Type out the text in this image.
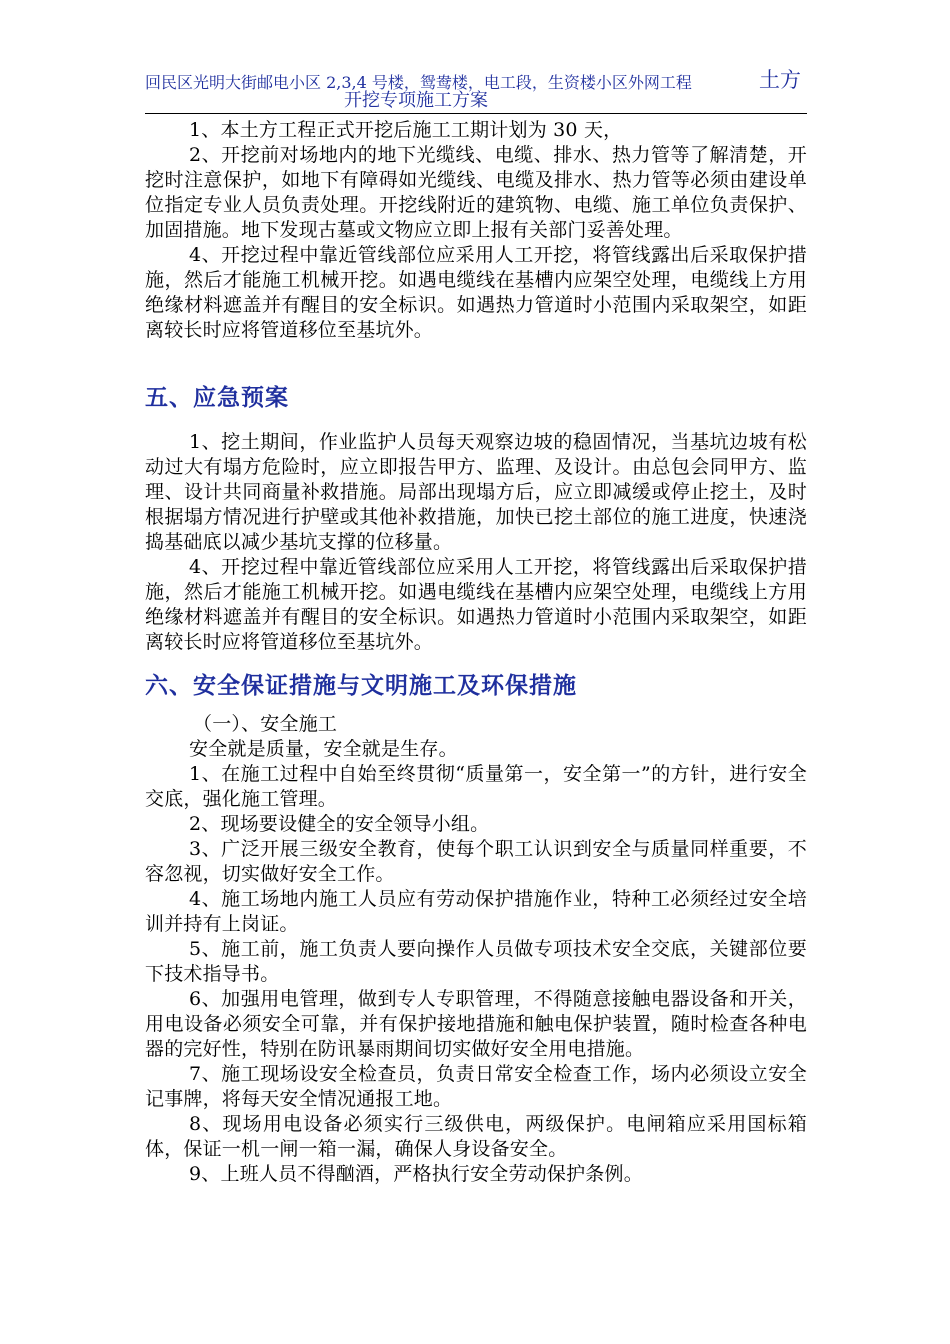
回民区光明大街邮电小区 2,3,4 号楼，鸳鸯楼，电工段，生资楼小区外网工程	土方
开挖专项施工方案

1、本土方工程正式开挖后施工工期计划为 30 天，

2、开挖前对场地内的地下光缆线、电缆、排水、热力管等了解清楚，开挖时注意保护，如地下有障碍如光缆线、电缆及排水、热力管等必须由建设单位指定专业人员负责处理。开挖线附近的建筑物、电缆、施工单位负责保护、加固措施。地下发现古墓或文物应立即上报有关部门妥善处理。

4、开挖过程中靠近管线部位应采用人工开挖，将管线露出后采取保护措施，然后才能施工机械开挖。如遇电缆线在基槽内应架空处理，电缆线上方用绝缘材料遮盖并有醒目的安全标识。如遇热力管道时小范围内采取架空，如距离较长时应将管道移位至基坑外。

五、应急预案

1、挖土期间，作业监护人员每天观察边坡的稳固情况，当基坑边坡有松动过大有塌方危险时，应立即报告甲方、监理、及设计。由总包会同甲方、监理、设计共同商量补救措施。局部出现塌方后，应立即减缓或停止挖土，及时根据塌方情况进行护壁或其他补救措施，加快已挖土部位的施工进度，快速浇捣基础底以减少基坑支撑的位移量。

4、开挖过程中靠近管线部位应采用人工开挖，将管线露出后采取保护措施，然后才能施工机械开挖。如遇电缆线在基槽内应架空处理，电缆线上方用绝缘材料遮盖并有醒目的安全标识。如遇热力管道时小范围内采取架空，如距离较长时应将管道移位至基坑外。

六、安全保证措施与文明施工及环保措施

（一）、安全施工

安全就是质量，安全就是生存。

1、在施工过程中自始至终贯彻“质量第一，安全第一”的方针，进行安全交底，强化施工管理。

2、现场要设健全的安全领导小组。

3、广泛开展三级安全教育，使每个职工认识到安全与质量同样重要，不容忽视，切实做好安全工作。

4、施工场地内施工人员应有劳动保护措施作业，特种工必须经过安全培训并持有上岗证。

5、施工前，施工负责人要向操作人员做专项技术安全交底，关键部位要下技术指导书。

6、加强用电管理，做到专人专职管理，不得随意接触电器设备和开关，用电设备必须安全可靠，并有保护接地措施和触电保护装置，随时检查各种电器的完好性，特别在防讯暴雨期间切实做好安全用电措施。

7、施工现场设安全检查员，负责日常安全检查工作，场内必须设立安全记事牌，将每天安全情况通报工地。

8、现场用电设备必须实行三级供电，两级保护。电闸箱应采用国标箱体，保证一机一闸一箱一漏，确保人身设备安全。

9、上班人员不得酗酒，严格执行安全劳动保护条例。
